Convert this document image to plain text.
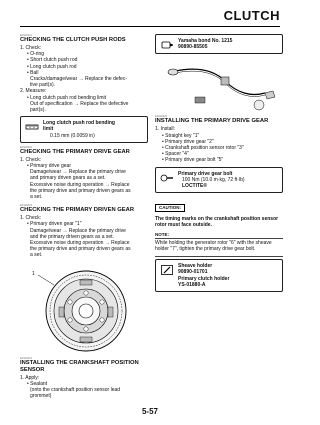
CLUTCH
EAS00321
CHECKING THE CLUTCH PUSH RODS
1. Check:
• O-ring
• Short clutch push rod
• Long clutch push rod
• Ball
Cracks/damage/wear → Replace the defec-
tive part(s).
2. Measure:
• Long clutch push rod bending limit
Out of specification → Replace the defective
part(s).
Long clutch push rod bending
limit
0.15 mm (0.0059 in)
EAS00322
CHECKING THE PRIMARY DRIVE GEAR
1. Check:
• Primary drive gear
Damage/wear → Replace the primary drive
and primary driven gears as a set.
Excessive noise during operation → Replace
the primary drive and primary driven gears as
a set.
EAS00323
CHECKING THE PRIMARY DRIVEN GEAR
1. Check:
• Primary driven gear "1"
Damage/wear → Replace the primary drive
and the primary driven gears as a set.
Excessive noise during operation → Replace
the primary drive and primary driven gears as
a set.
1
EAS00324
INSTALLING THE CRANKSHAFT POSITION
SENSOR
1. Apply:
• Sealant
(onto the crankshaft position sensor lead
grommet)
Yamaha bond No. 1215
90890-85505
EAS00325
INSTALLING THE PRIMARY DRIVE GEAR
1. Install:
• Straight key "1"
• Primary drive gear "2"
• Crankshaft position sensor rotor "3"
• Spacer "4"
• Primary drive gear bolt "5"
Primary drive gear bolt
100 Nm (10.0 m·kg, 72 ft·lb)
LOCTITE®
CAUTION:
The timing marks on the crankshaft position sensor rotor must face outside.
NOTE:
While holding the generator rotor "6" with the sheave holder "7", tighten the primary drive gear bolt.
Sheave holder
90890-01701
Primary clutch holder
YS-01880-A
5-57
